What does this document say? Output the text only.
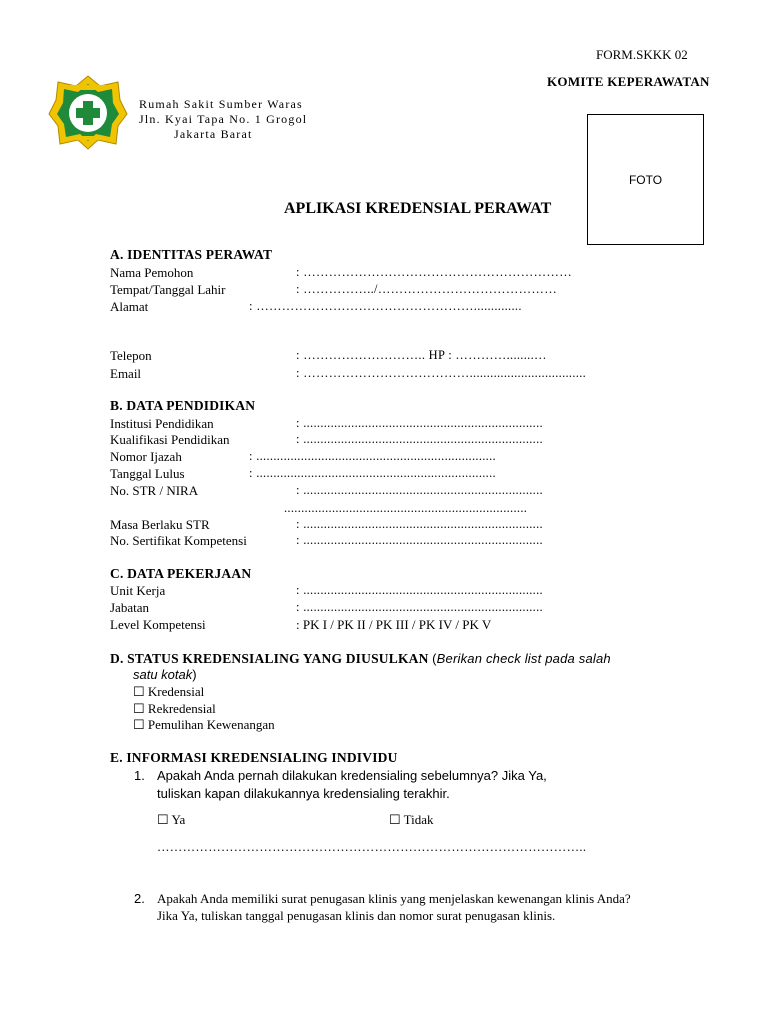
FORM.SKKK 02
KOMITE KEPERAWATAN
Rumah Sakit Sumber Waras
Jln. Kyai Tapa No. 1 Grogol
Jakarta Barat
FOTO
APLIKASI KREDENSIAL PERAWAT
A. IDENTITAS PERAWAT
Nama Pemohon	: ………………………………………………………
Tempat/Tanggal Lahir	: ……………../……………………………………
Alamat	: ……………………………………………..............
Telepon	: ……………………….. HP : …………........…
Email	: …………………………………..................................
B. DATA PENDIDIKAN
Institusi Pendidikan	: ......................................................................
Kualifikasi Pendidikan	: ......................................................................
Nomor Ijazah	: ......................................................................
Tanggal Lulus	: ......................................................................
No. STR / NIRA	: ......................................................................
.......................................................................
Masa Berlaku STR	: ......................................................................
No. Sertifikat Kompetensi	: ......................................................................
C. DATA PEKERJAAN
Unit Kerja	: ......................................................................
Jabatan	: ......................................................................
Level Kompetensi	: PK I / PK II / PK III / PK IV / PK V
D. STATUS KREDENSIALING YANG DIUSULKAN (Berikan check list pada salah
satu kotak)
☐ Kredensial
☐ Rekredensial
☐ Pemulihan Kewenangan
E. INFORMASI KREDENSIALING INDIVIDU
1. Apakah Anda pernah dilakukan kredensialing sebelumnya? Jika Ya,
tuliskan kapan dilakukannya kredensialing terakhir.
☐ Ya	☐ Tidak
………………………………………………………………………………………..
2. Apakah Anda memiliki surat penugasan klinis yang menjelaskan kewenangan klinis Anda?
Jika Ya, tuliskan tanggal penugasan klinis dan nomor surat penugasan klinis.
